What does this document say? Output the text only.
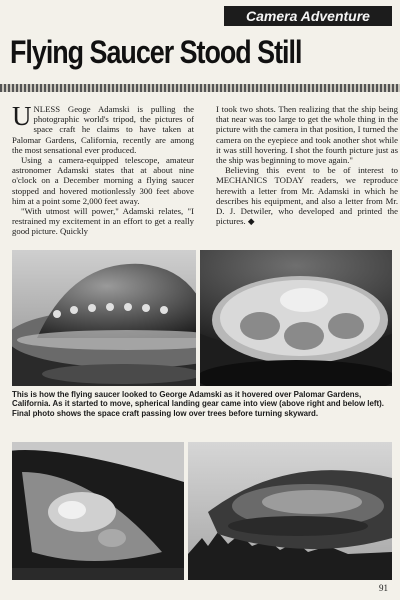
Camera Adventure
Flying Saucer Stood Still

UNLESS Geoge Adamski is pulling the photographic world's tripod, the pictures of space craft he claims to have taken at Palomar Gardens, California, recently are among the most sensational ever produced.

Using a camera-equipped telescope, amateur astronomer Adamski states that at about nine o'clock on a December morning a flying saucer stopped and hovered motionlessly 300 feet above him at a point some 2,000 feet away.

"With utmost will power," Adamski relates, "I restrained my excitement in an effort to get a really good picture. Quickly

I took two shots. Then realizing that the ship being that near was too large to get the whole thing in the picture with the camera in that position, I turned the camera on the eyepiece and took another shot while it was still hovering. I shot the fourth picture just as the ship was beginning to move again."

Believing this event to be of interest to MECHANICS TODAY readers, we reproduce herewith a letter from Mr. Adamski in which he describes his equipment, and also a letter from Mr. D. J. Detwiler, who developed and printed the pictures. ◆

This is how the flying saucer looked to George Adamski as it hovered over Palomar Gardens, California. As it started to move, spherical landing gear came into view (above right and below left). Final photo shows the space craft passing low over trees before turning skyward.
91
